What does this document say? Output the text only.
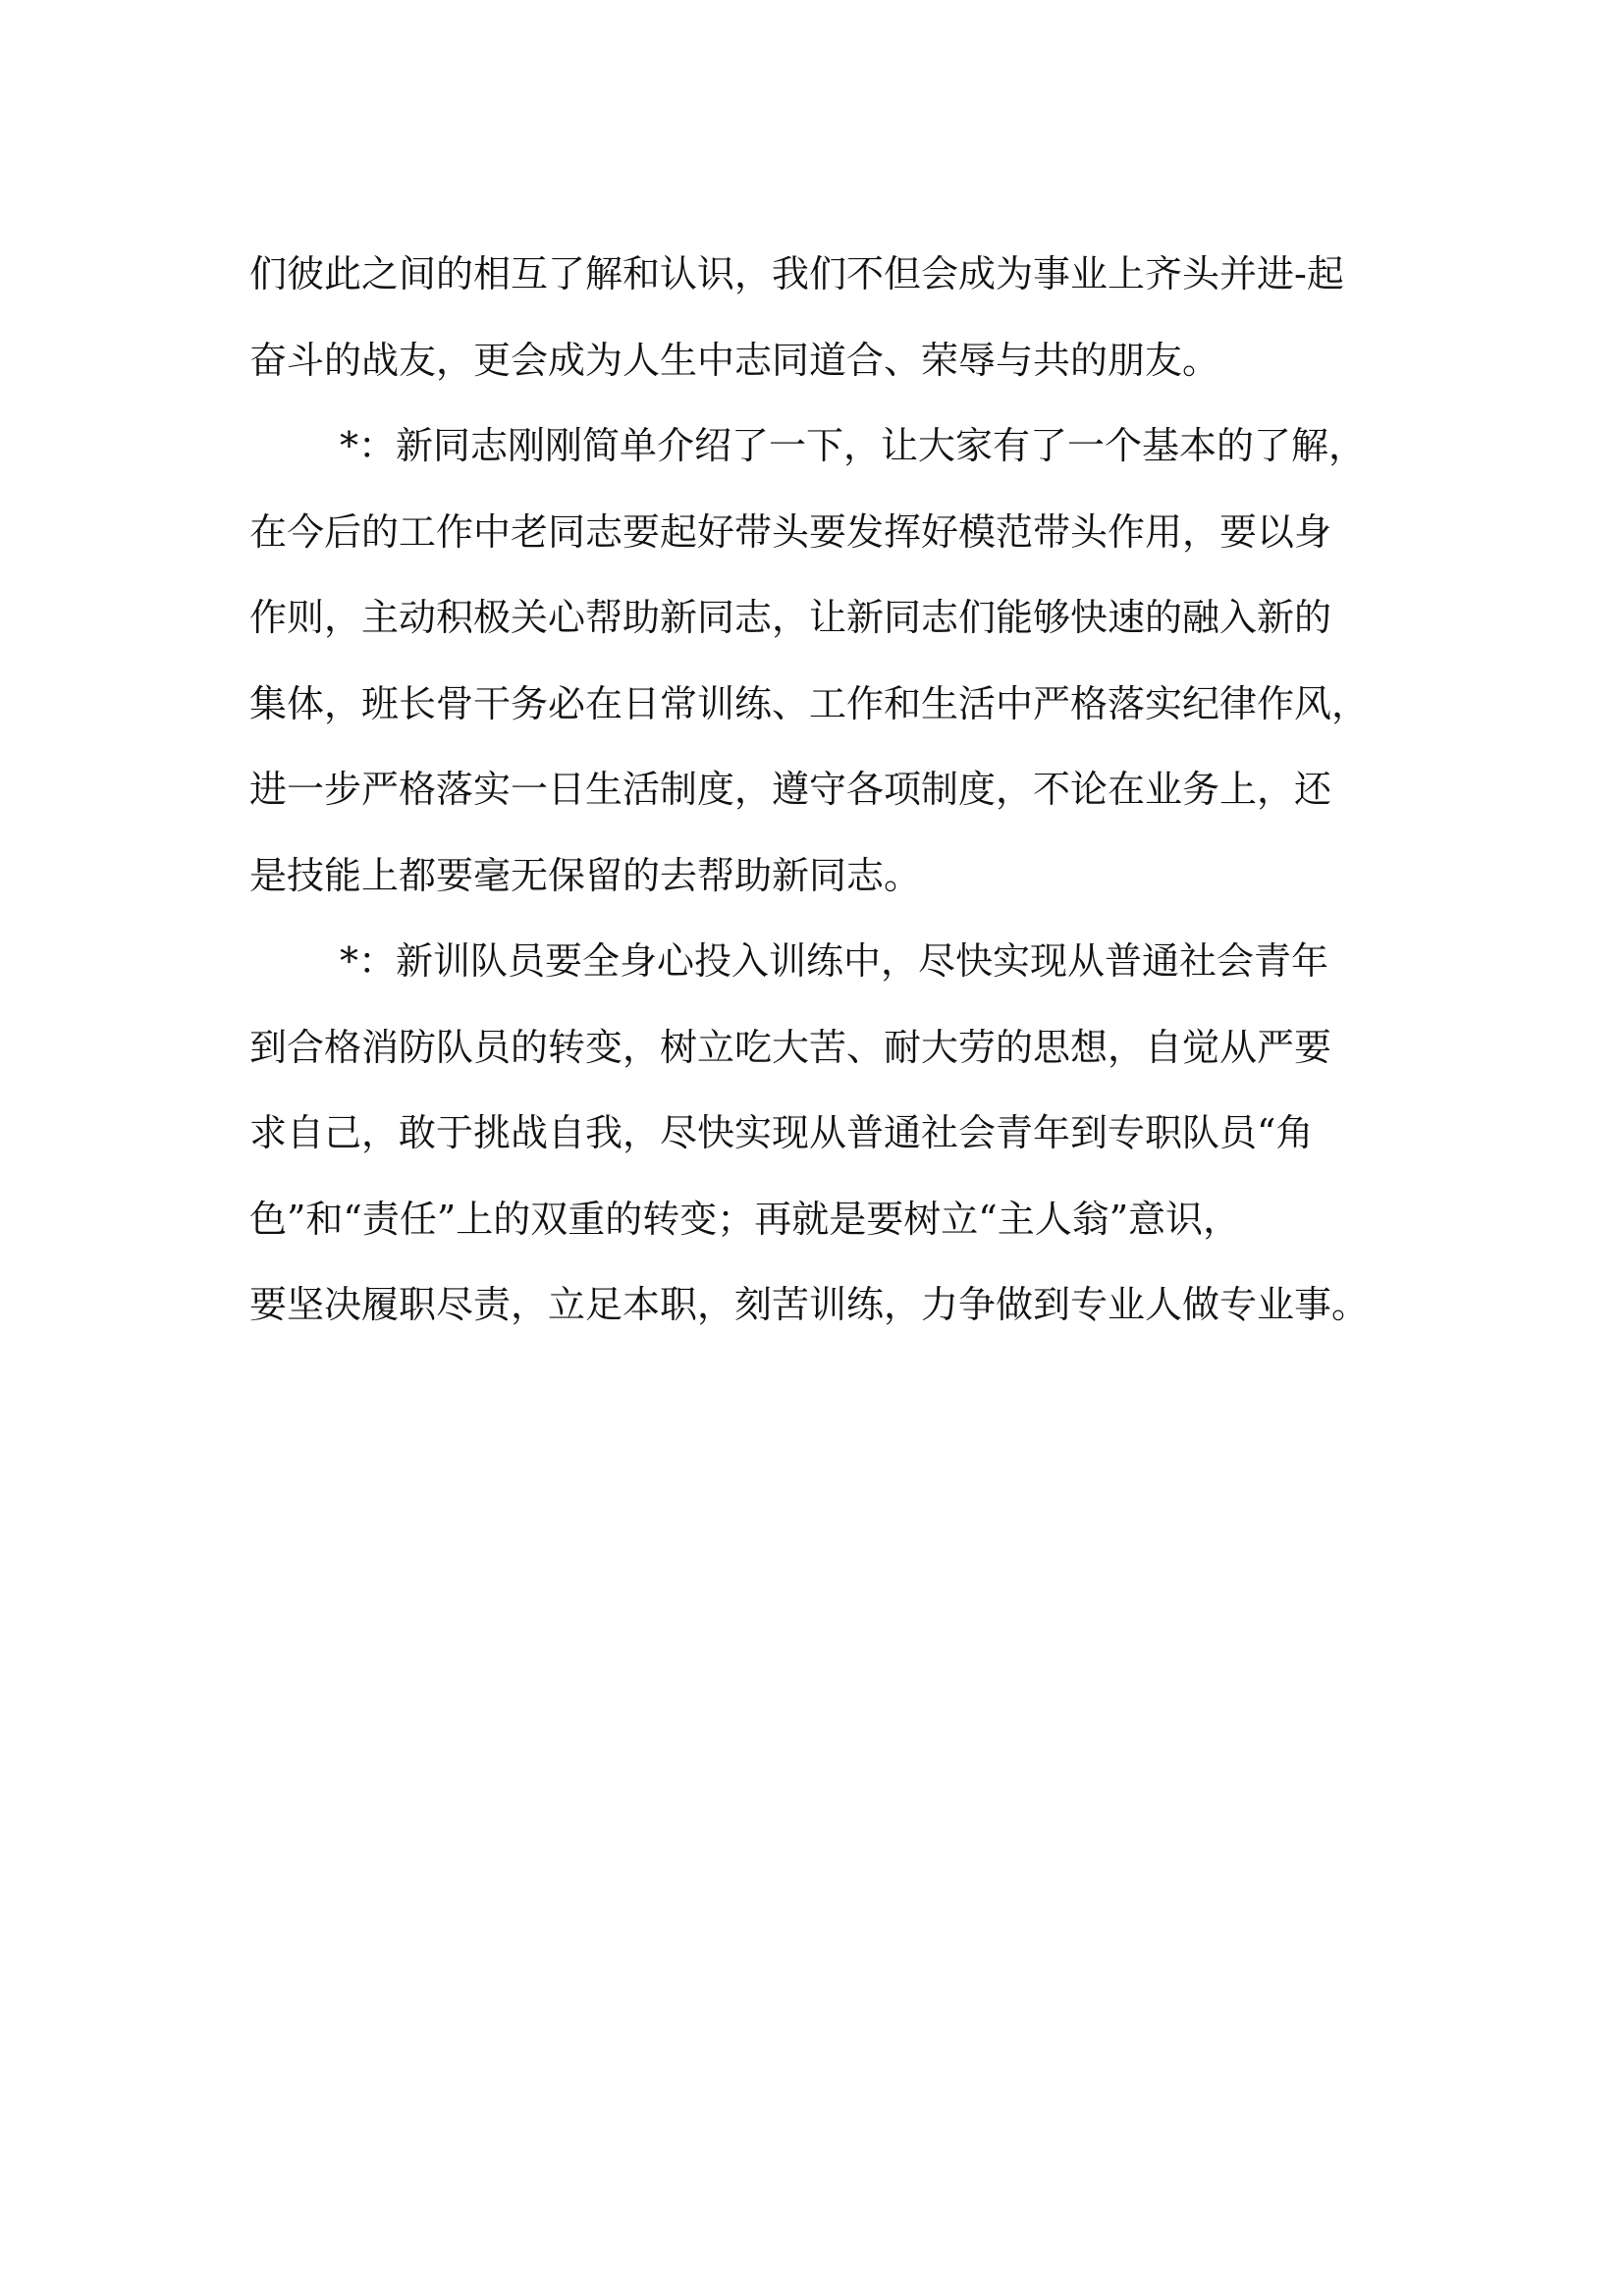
们彼此之间的相互了解和认识，我们不但会成为事业上齐头并进-起
奋斗的战友，更会成为人生中志同道合、荣辱与共的朋友。
*：新同志刚刚简单介绍了一下，让大家有了一个基本的了解，
在今后的工作中老同志要起好带头要发挥好模范带头作用，要以身
作则，主动积极关心帮助新同志，让新同志们能够快速的融入新的
集体，班长骨干务必在日常训练、工作和生活中严格落实纪律作风，
进一步严格落实一日生活制度，遵守各项制度，不论在业务上，还
是技能上都要毫无保留的去帮助新同志。
*：新训队员要全身心投入训练中，尽快实现从普通社会青年
到合格消防队员的转变，树立吃大苦、耐大劳的思想，自觉从严要
求自己，敢于挑战自我，尽快实现从普通社会青年到专职队员“角
色”和“责任”上的双重的转变；再就是要树立“主人翁”意识，
要坚决履职尽责，立足本职，刻苦训练，力争做到专业人做专业事。
